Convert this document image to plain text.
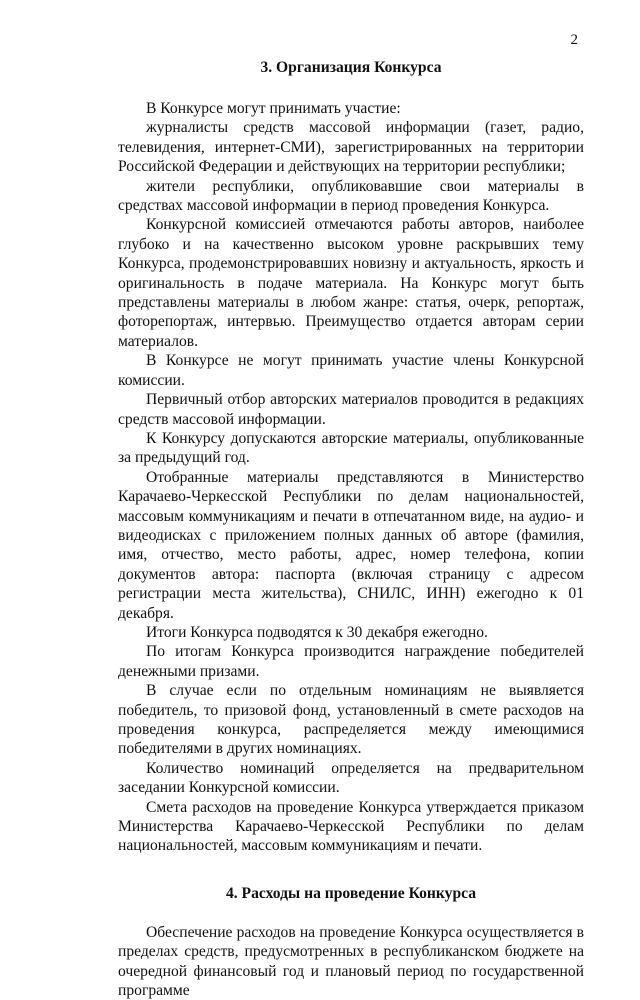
2
3. Организация Конкурса

В Конкурсе могут принимать участие:

журналисты средств массовой информации (газет, радио, телевидения, интернет-СМИ), зарегистрированных на территории Российской Федерации и действующих на территории республики;

жители республики, опубликовавшие свои материалы в средствах массовой информации в период проведения Конкурса.

Конкурсной комиссией отмечаются работы авторов, наиболее глубоко и на качественно высоком уровне раскрывших тему Конкурса, продемонстрировавших новизну и актуальность, яркость и оригинальность в подаче материала. На Конкурс могут быть представлены материалы в любом жанре: статья, очерк, репортаж, фоторепортаж, интервью. Преимущество отдается авторам серии материалов.

В Конкурсе не могут принимать участие члены Конкурсной комиссии.

Первичный отбор авторских материалов проводится в редакциях средств массовой информации.

К Конкурсу допускаются авторские материалы, опубликованные за предыдущий год.

Отобранные материалы представляются в Министерство Карачаево-Черкесской Республики по делам национальностей, массовым коммуникациям и печати в отпечатанном виде, на аудио- и видеодисках с приложением полных данных об авторе (фамилия, имя, отчество, место работы, адрес, номер телефона, копии документов автора: паспорта (включая страницу с адресом регистрации места жительства), СНИЛС, ИНН) ежегодно к 01 декабря.

Итоги Конкурса подводятся к 30 декабря ежегодно.

По итогам Конкурса производится награждение победителей денежными призами.

В случае если по отдельным номинациям не выявляется победитель, то призовой фонд, установленный в смете расходов на проведения конкурса, распределяется между имеющимися победителями в других номинациях.

Количество номинаций определяется на предварительном заседании Конкурсной комиссии.

Смета расходов на проведение Конкурса утверждается приказом Министерства Карачаево-Черкесской Республики по делам национальностей, массовым коммуникациям и печати.

4. Расходы на проведение Конкурса

Обеспечение расходов на проведение Конкурса осуществляется в пределах средств, предусмотренных в республиканском бюджете на очередной финансовый год и плановый период по государственной программе
